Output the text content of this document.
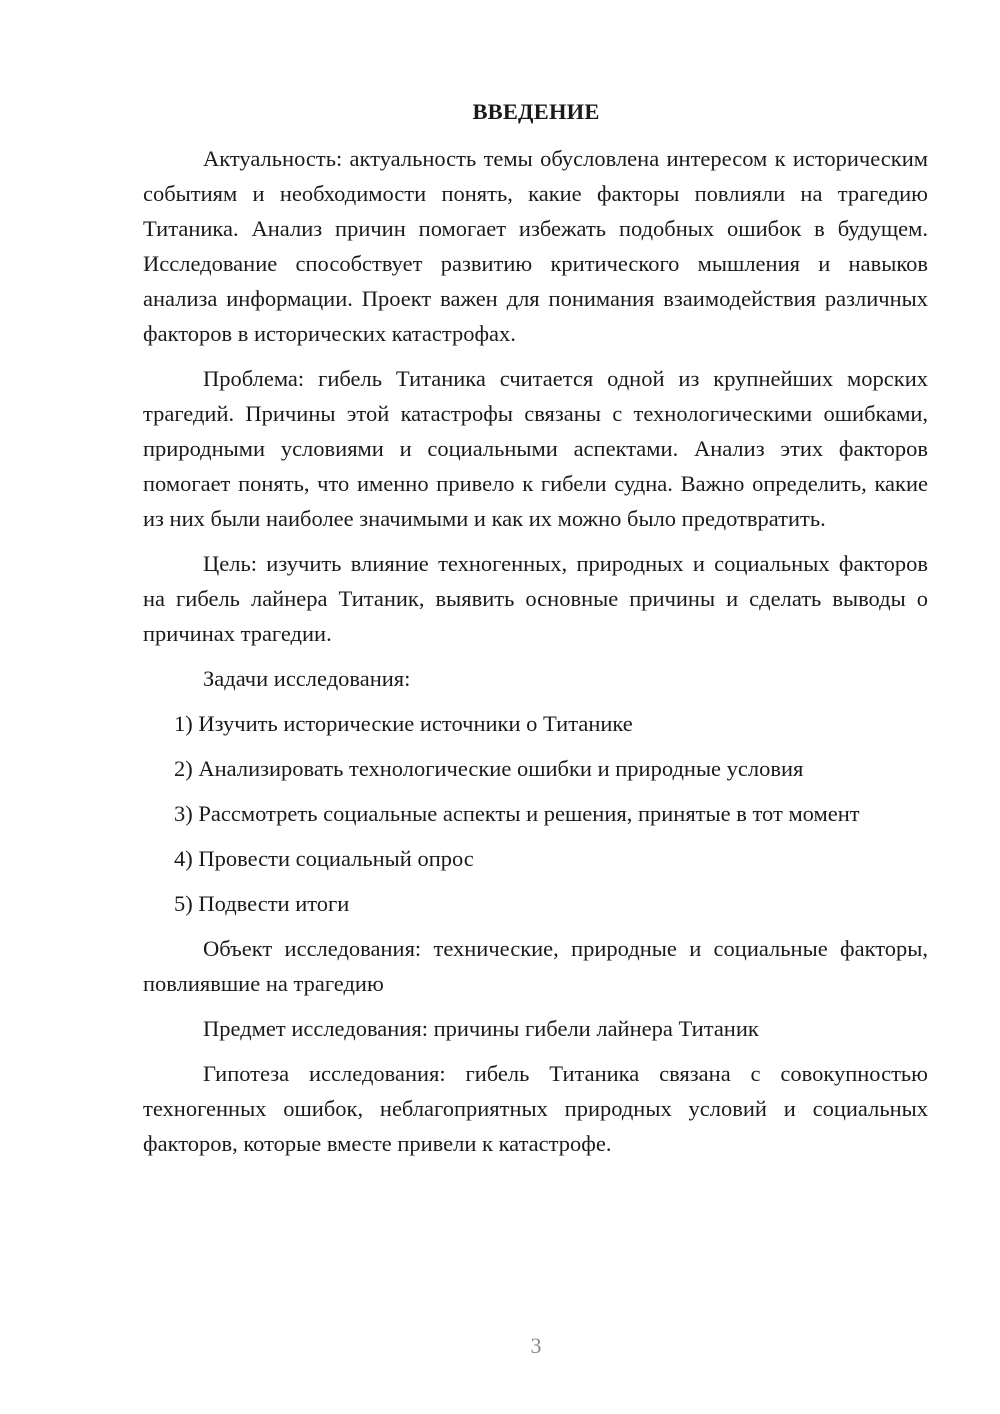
ВВЕДЕНИЕ

Актуальность: актуальность темы обусловлена интересом к историческим событиям и необходимости понять, какие факторы повлияли на трагедию Титаника. Анализ причин помогает избежать подобных ошибок в будущем. Исследование способствует развитию критического мышления и навыков анализа информации. Проект важен для понимания взаимодействия различных факторов в исторических катастрофах.

Проблема: гибель Титаника считается одной из крупнейших морских трагедий. Причины этой катастрофы связаны с технологическими ошибками, природными условиями и социальными аспектами. Анализ этих факторов помогает понять, что именно привело к гибели судна. Важно определить, какие из них были наиболее значимыми и как их можно было предотвратить.

Цель: изучить влияние техногенных, природных и социальных факторов на гибель лайнера Титаник, выявить основные причины и сделать выводы о причинах трагедии.

Задачи исследования:

1) Изучить исторические источники о Титанике

2) Анализировать технологические ошибки и природные условия

3) Рассмотреть социальные аспекты и решения, принятые в тот момент

4) Провести социальный опрос

5) Подвести итоги

Объект исследования: технические, природные и социальные факторы, повлиявшие на трагедию

Предмет исследования: причины гибели лайнера Титаник

Гипотеза исследования: гибель Титаника связана с совокупностью техногенных ошибок, неблагоприятных природных условий и социальных факторов, которые вместе привели к катастрофе.

3
